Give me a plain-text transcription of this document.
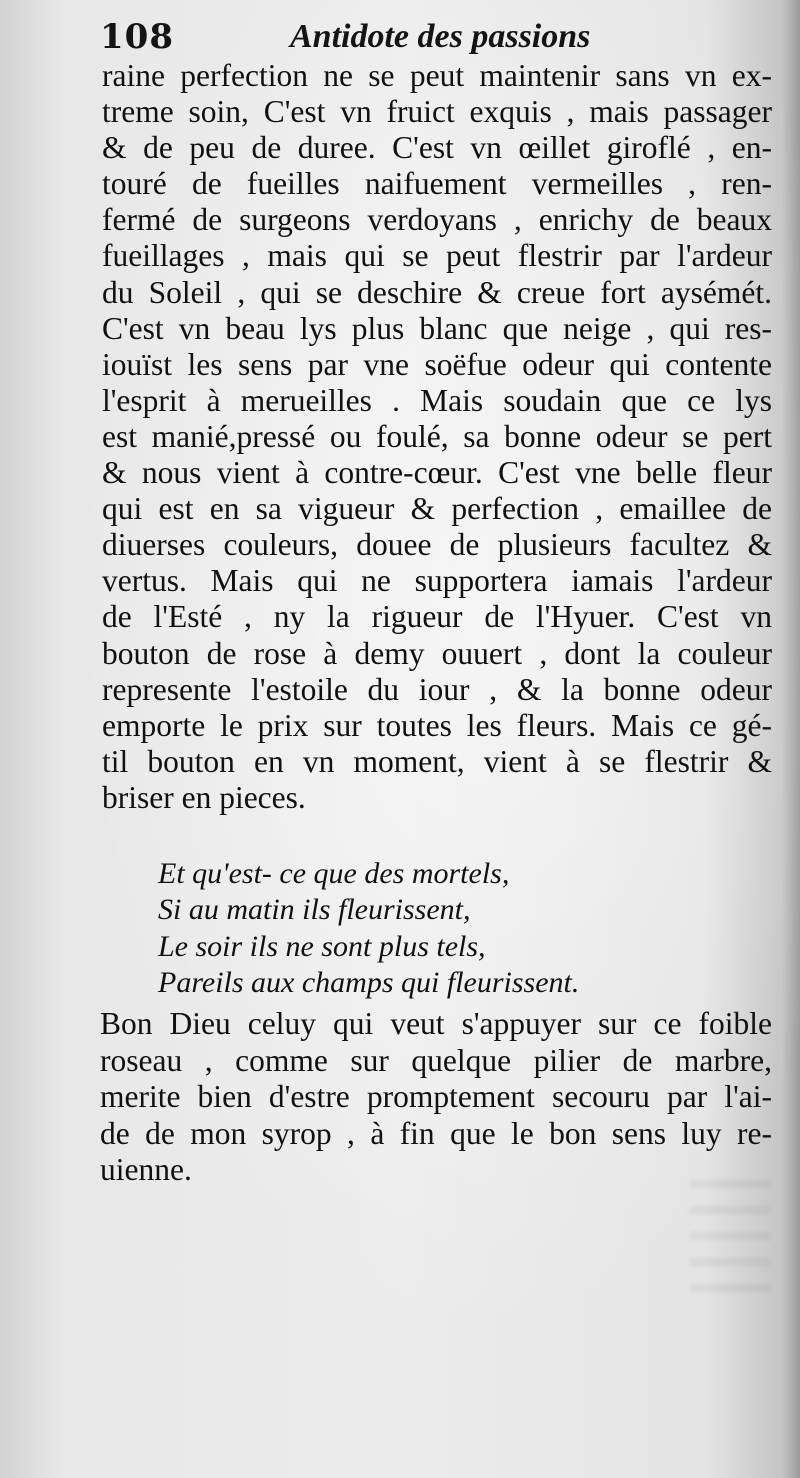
108	Antidote des passions
raine perfection ne se peut maintenir sans vn ex-
treme soin, C'est vn fruict exquis , mais passager
& de peu de duree. C'est vn œillet giroflé , en-
touré de fueilles naifuement vermeilles , ren-
fermé de surgeons verdoyans , enrichy de beaux
fueillages , mais qui se peut flestrir par l'ardeur
du Soleil , qui se deschire & creue fort aysémét.
C'est vn beau lys plus blanc que neige , qui res-
iouïst les sens par vne soëfue odeur qui contente
l'esprit à merueilles . Mais soudain que ce lys
est manié,pressé ou foulé, sa bonne odeur se pert
& nous vient à contre-cœur. C'est vne belle fleur
qui est en sa vigueur & perfection , emaillee de
diuerses couleurs, douee de plusieurs facultez &
vertus. Mais qui ne supportera iamais l'ardeur
de l'Esté , ny la rigueur de l'Hyuer. C'est vn
bouton de rose à demy ouuert , dont la couleur
represente l'estoile du iour , & la bonne odeur
emporte le prix sur toutes les fleurs. Mais ce gé-
til bouton en vn moment, vient à se flestrir &
briser en pieces.
Et qu'est- ce que des mortels,
Si au matin ils fleurissent,
Le soir ils ne sont plus tels,
Pareils aux champs qui fleurissent.
Bon Dieu celuy qui veut s'appuyer sur ce foible
roseau , comme sur quelque pilier de marbre,
merite bien d'estre promptement secouru par l'ai-
de de mon syrop , à fin que le bon sens luy re-
uienne.
